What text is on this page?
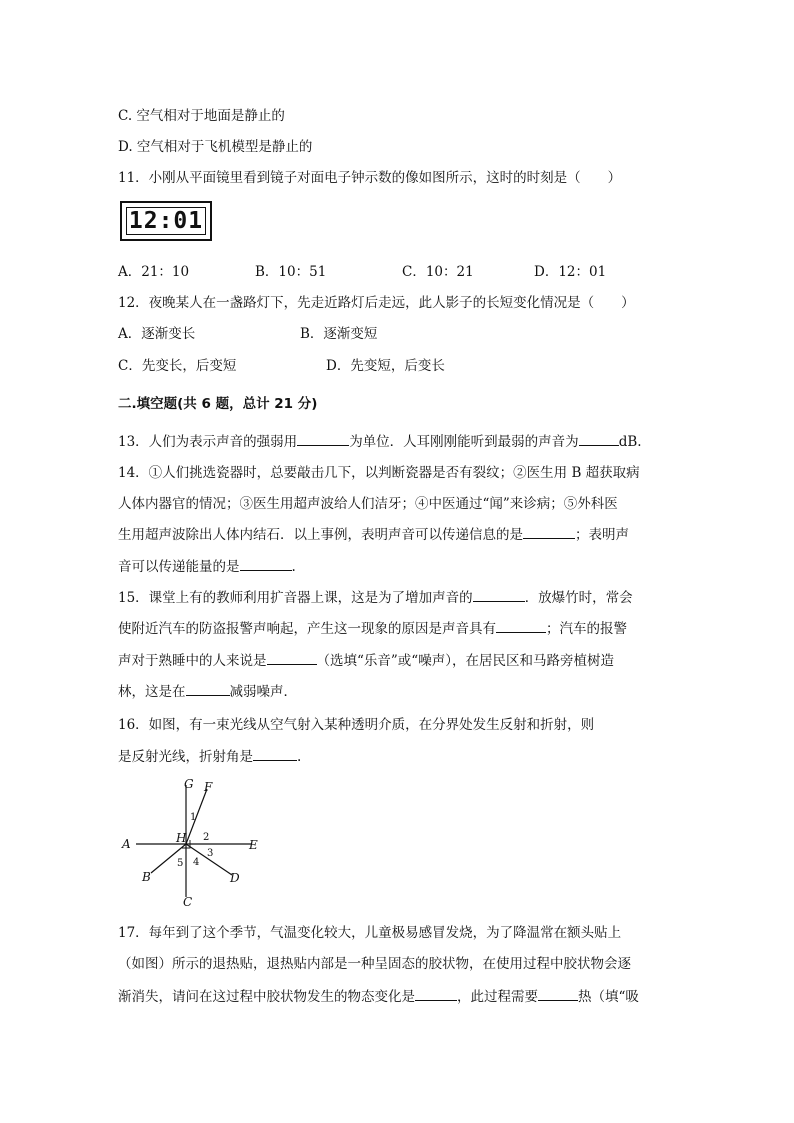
C. 空气相对于地面是静止的
D. 空气相对于飞机模型是静止的
11．小刚从平面镜里看到镜子对面电子钟示数的像如图所示，这时的时刻是（　　）
12:01
A．21：10	B．10：51	C．10：21	D．12：01
12．夜晚某人在一盏路灯下，先走近路灯后走远，此人影子的长短变化情况是（　　）
A．逐渐变长	B．逐渐变短
C．先变长，后变短	D．先变短，后变长
二.填空题(共 6 题，总计 21 分)
13．人们为表示声音的强弱用	为单位．人耳刚刚能听到最弱的声音为	dB.
14．①人们挑选瓷器时，总要敲击几下，以判断瓷器是否有裂纹；②医生用 B 超获取病
人体内器官的情况；③医生用超声波给人们洁牙；④中医通过“闻”来诊病；⑤外科医
生用超声波除出人体内结石．以上事例，表明声音可以传递信息的是	；表明声
音可以传递能量的是	.
15．课堂上有的教师利用扩音器上课，这是为了增加声音的	．放爆竹时，常会
使附近汽车的防盗报警声响起，产生这一现象的原因是声音具有	；汽车的报警
声对于熟睡中的人来说是	（选填“乐音”或“噪声），在居民区和马路旁植树造
林，这是在	减弱噪声．
16．如图，有一束光线从空气射入某种透明介质，在分界处发生反射和折射，则
是反射光线，折射角是	.
G F
H
A	E
B
C
D
1
2
3
4
5
17．每年到了这个季节，气温变化较大，儿童极易感冒发烧，为了降温常在额头贴上
（如图）所示的退热贴，退热贴内部是一种呈固态的胶状物，在使用过程中胶状物会逐
渐消失，请问在这过程中胶状物发生的物态变化是	，此过程需要	热（填“吸
